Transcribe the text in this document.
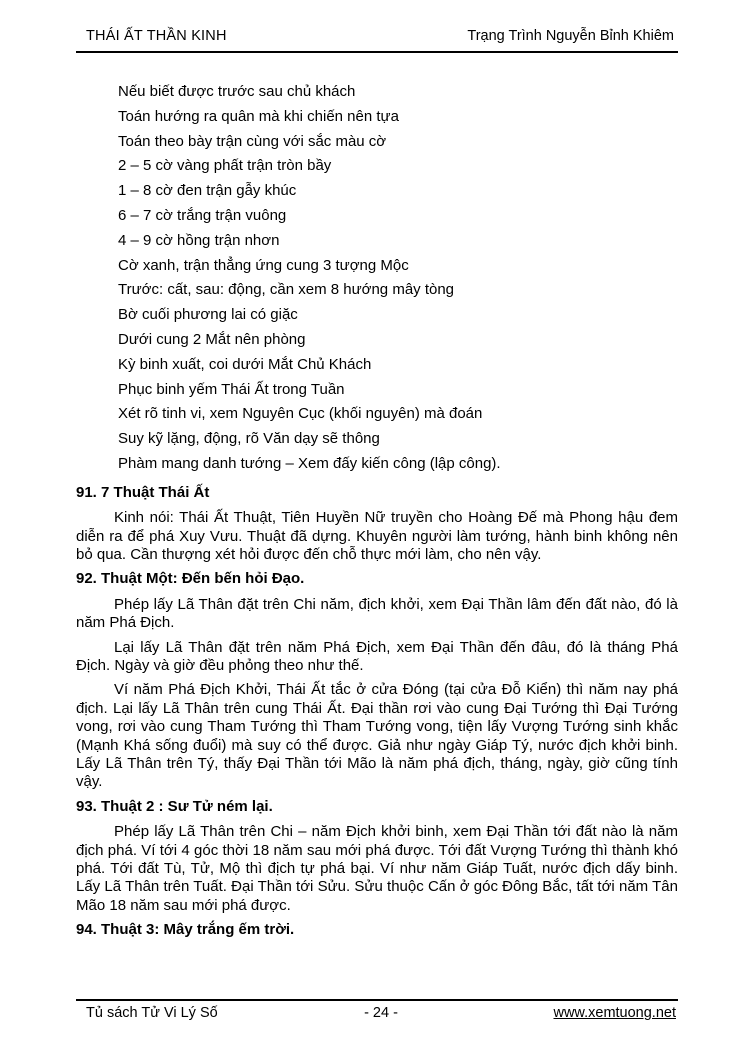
THÁI ẤT THẦN KINH	Trạng Trình Nguyễn Bỉnh Khiêm
Nếu biết được trước sau chủ khách
Toán hướng ra quân mà khi chiến nên tựa
Toán theo bày trận cùng với sắc màu cờ
2 – 5 cờ vàng phất trận tròn bầy
1 – 8 cờ đen trận gẫy khúc
6 – 7 cờ trắng trận vuông
4 – 9 cờ hồng trận nhơn
Cờ xanh, trận thẳng ứng cung 3 tượng Mộc
Trước: cất, sau: động, cần xem 8 hướng mây tòng
Bờ cuối phương lai có giặc
Dưới cung 2 Mắt nên phòng
Kỳ binh xuất, coi dưới Mắt Chủ Khách
Phục binh yếm Thái Ất trong Tuần
Xét rõ tinh vi, xem Nguyên Cục (khối nguyên) mà đoán
Suy kỹ lặng, động, rõ Văn dạy sẽ thông
Phàm mang danh tướng – Xem đấy kiến công (lập công).
91. 7 Thuật Thái Ất

Kinh nói: Thái Ất Thuật, Tiên Huyền Nữ truyền cho Hoàng Đế mà Phong hậu đem diễn ra để phá Xuy Vưu. Thuật đã dựng. Khuyên người làm tướng, hành binh không nên bỏ qua. Cần thượng xét hỏi được đến chỗ thực mới làm, cho nên vậy.

92. Thuật Một: Đến bến hỏi Đạo.

Phép lấy Lã Thân đặt trên Chi năm, địch khởi, xem Đại Thần lâm đến đất nào, đó là năm Phá Địch.

Lại lấy Lã Thân đặt trên năm Phá Địch, xem Đại Thần đến đâu, đó là tháng Phá Địch. Ngày và giờ đều phỏng theo như thế.

Ví năm Phá Địch Khởi, Thái Ất tắc ở cửa Đóng (tại cửa Đỗ Kiển) thì năm nay phá địch. Lại lấy Lã Thân trên cung Thái Ất. Đại thần rơi vào cung Đại Tướng thì Đại Tướng vong, rơi vào cung Tham Tướng thì Tham Tướng vong, tiện lấy Vượng Tướng sinh khắc (Mạnh Khá sống đuổi) mà suy có thể được. Giả như ngày Giáp Tý, nước địch khởi binh. Lấy Lã Thân trên Tý, thấy Đại Thần tới Mão là năm phá địch, tháng, ngày, giờ cũng tính vậy.

93. Thuật 2 : Sư Tử ném lại.

Phép lấy Lã Thân trên Chi – năm Địch khởi binh, xem Đại Thần tới đất nào là năm địch phá. Ví tới 4 góc thời 18 năm sau mới phá được. Tới đất Vượng Tướng thì thành khó phá. Tới đất Tù, Tử, Mộ thì địch tự phá bại. Ví như năm Giáp Tuất, nước địch dấy binh. Lấy Lã Thân trên Tuất. Đại Thần tới Sửu. Sửu thuộc Cấn ở góc Đông Bắc, tất tới năm Tân Mão 18 năm sau mới phá được.

94. Thuật 3: Mây trắng ếm trời.
Tủ sách Tử Vi Lý Số	- 24 -	www.xemtuong.net
